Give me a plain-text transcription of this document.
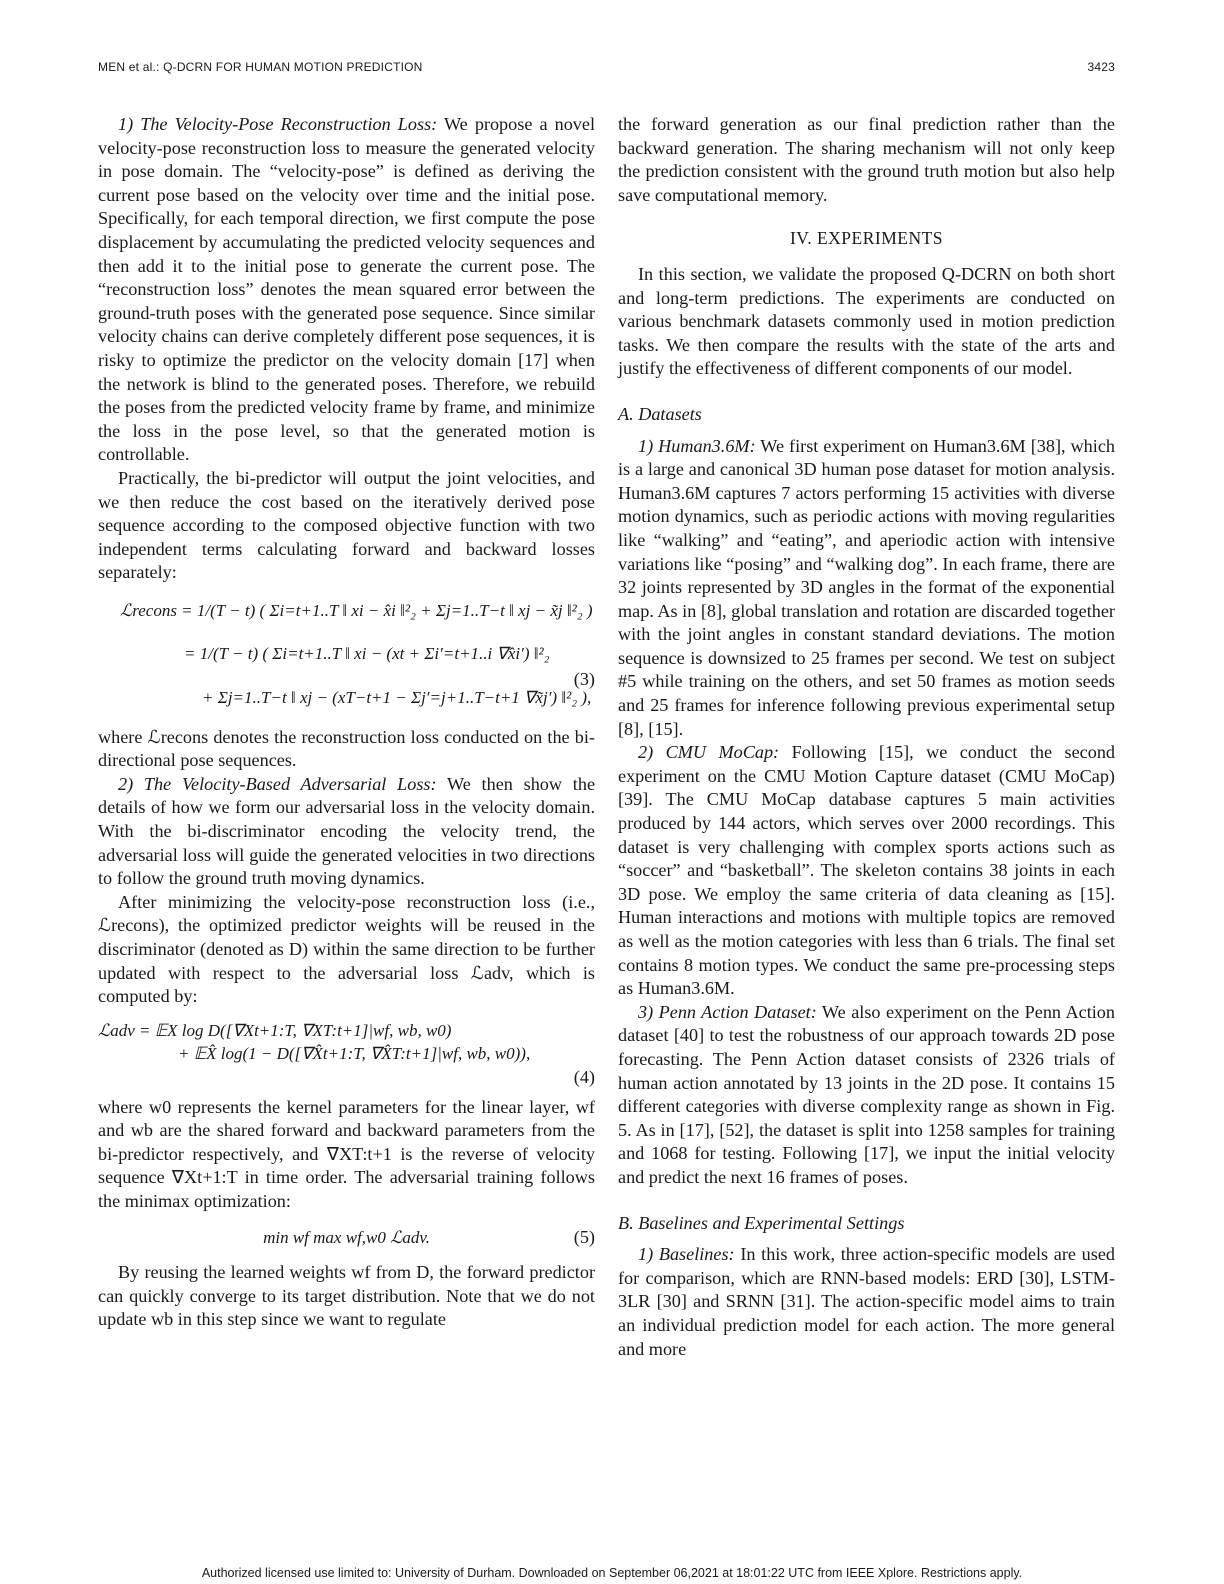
MEN et al.: Q-DCRN FOR HUMAN MOTION PREDICTION	3423

1) The Velocity-Pose Reconstruction Loss: We propose a novel velocity-pose reconstruction loss to measure the generated velocity in pose domain. The “velocity-pose” is defined as deriving the current pose based on the velocity over time and the initial pose. Specifically, for each temporal direction, we first compute the pose displacement by accumulating the predicted velocity sequences and then add it to the initial pose to generate the current pose. The “reconstruction loss” denotes the mean squared error between the ground-truth poses with the generated pose sequence. Since similar velocity chains can derive completely different pose sequences, it is risky to optimize the predictor on the velocity domain [17] when the network is blind to the generated poses. Therefore, we rebuild the poses from the predicted velocity frame by frame, and minimize the loss in the pose level, so that the generated motion is controllable.

Practically, the bi-predictor will output the joint velocities, and we then reduce the cost based on the iteratively derived pose sequence according to the composed objective function with two independent terms calculating forward and backward losses separately:

ℒrecons = 1/(T − t) ( Σi=t+1..T ‖ xi − x̂i ‖²₂ + Σj=1..T−t ‖ xj − x̃j ‖²₂ )
= 1/(T − t) ( Σi=t+1..T ‖ xi − (xt + Σi′=t+1..i ∇x̂i′) ‖²₂
+ Σj=1..T−t ‖ xj − (xT−t+1 − Σj′=j+1..T−t+1 ∇x̃j′) ‖²₂ ),
(3)

where ℒrecons denotes the reconstruction loss conducted on the bi-directional pose sequences.

2) The Velocity-Based Adversarial Loss: We then show the details of how we form our adversarial loss in the velocity domain. With the bi-discriminator encoding the velocity trend, the adversarial loss will guide the generated velocities in two directions to follow the ground truth moving dynamics.

After minimizing the velocity-pose reconstruction loss (i.e., ℒrecons), the optimized predictor weights will be reused in the discriminator (denoted as D) within the same direction to be further updated with respect to the adversarial loss ℒadv, which is computed by:

ℒadv = 𝔼X log D([∇Xt+1:T, ∇XT:t+1]|wf, wb, w0)
+ 𝔼X̂ log(1 − D([∇X̂t+1:T, ∇X̂T:t+1]|wf, wb, w0)),
(4)

where w0 represents the kernel parameters for the linear layer, wf and wb are the shared forward and backward parameters from the bi-predictor respectively, and ∇XT:t+1 is the reverse of velocity sequence ∇Xt+1:T in time order. The adversarial training follows the minimax optimization:

min wf max wf,w0 ℒadv.	(5)

By reusing the learned weights wf from D, the forward predictor can quickly converge to its target distribution. Note that we do not update wb in this step since we want to regulate

the forward generation as our final prediction rather than the backward generation. The sharing mechanism will not only keep the prediction consistent with the ground truth motion but also help save computational memory.

IV. EXPERIMENTS

In this section, we validate the proposed Q-DCRN on both short and long-term predictions. The experiments are conducted on various benchmark datasets commonly used in motion prediction tasks. We then compare the results with the state of the arts and justify the effectiveness of different components of our model.

A. Datasets

1) Human3.6M: We first experiment on Human3.6M [38], which is a large and canonical 3D human pose dataset for motion analysis. Human3.6M captures 7 actors performing 15 activities with diverse motion dynamics, such as periodic actions with moving regularities like “walking” and “eating”, and aperiodic action with intensive variations like “posing” and “walking dog”. In each frame, there are 32 joints represented by 3D angles in the format of the exponential map. As in [8], global translation and rotation are discarded together with the joint angles in constant standard deviations. The motion sequence is downsized to 25 frames per second. We test on subject #5 while training on the others, and set 50 frames as motion seeds and 25 frames for inference following previous experimental setup [8], [15].

2) CMU MoCap: Following [15], we conduct the second experiment on the CMU Motion Capture dataset (CMU MoCap) [39]. The CMU MoCap database captures 5 main activities produced by 144 actors, which serves over 2000 recordings. This dataset is very challenging with complex sports actions such as “soccer” and “basketball”. The skeleton contains 38 joints in each 3D pose. We employ the same criteria of data cleaning as [15]. Human interactions and motions with multiple topics are removed as well as the motion categories with less than 6 trials. The final set contains 8 motion types. We conduct the same pre-processing steps as Human3.6M.

3) Penn Action Dataset: We also experiment on the Penn Action dataset [40] to test the robustness of our approach towards 2D pose forecasting. The Penn Action dataset consists of 2326 trials of human action annotated by 13 joints in the 2D pose. It contains 15 different categories with diverse complexity range as shown in Fig. 5. As in [17], [52], the dataset is split into 1258 samples for training and 1068 for testing. Following [17], we input the initial velocity and predict the next 16 frames of poses.

B. Baselines and Experimental Settings

1) Baselines: In this work, three action-specific models are used for comparison, which are RNN-based models: ERD [30], LSTM-3LR [30] and SRNN [31]. The action-specific model aims to train an individual prediction model for each action. The more general and more

Authorized licensed use limited to: University of Durham. Downloaded on September 06,2021 at 18:01:22 UTC from IEEE Xplore. Restrictions apply.
